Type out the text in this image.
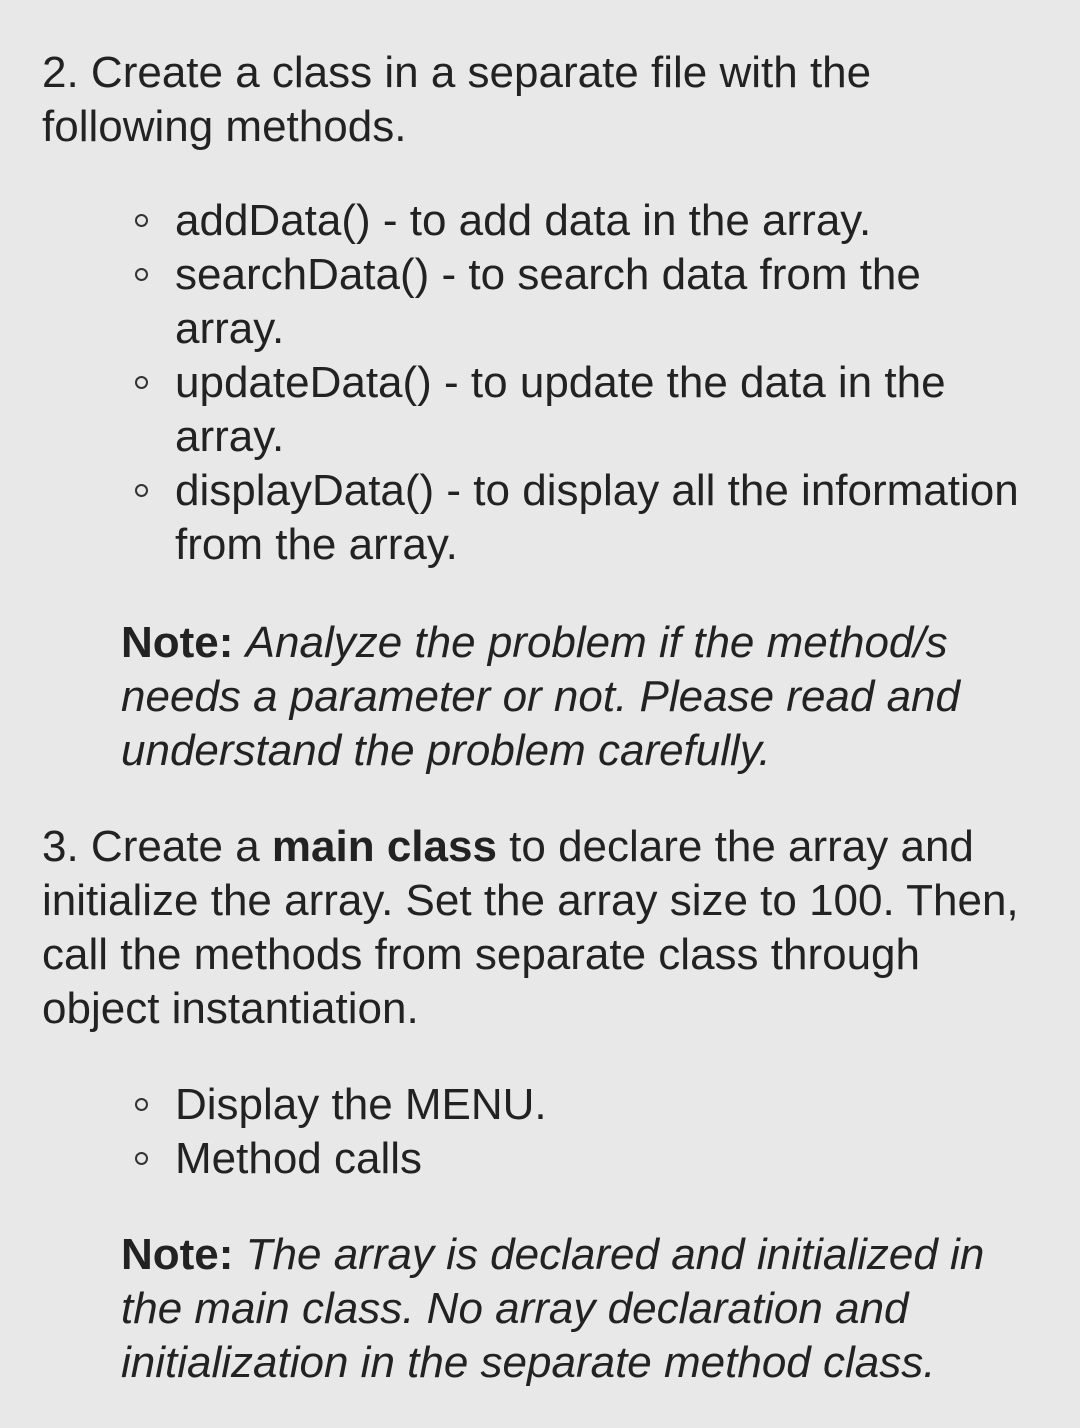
2. Create a class in a separate file with the following methods.

addData() - to add data in the array.
searchData() - to search data from the array.
updateData() - to update the data in the array.
displayData() - to display all the information from the array.

Note: Analyze the problem if the method/s needs a parameter or not. Please read and understand the problem carefully.

3. Create a main class to declare the array and initialize the array. Set the array size to 100. Then, call the methods from separate class through object instantiation.

Display the MENU.
Method calls

Note: The array is declared and initialized in the main class. No array declaration and initialization in the separate method class.
